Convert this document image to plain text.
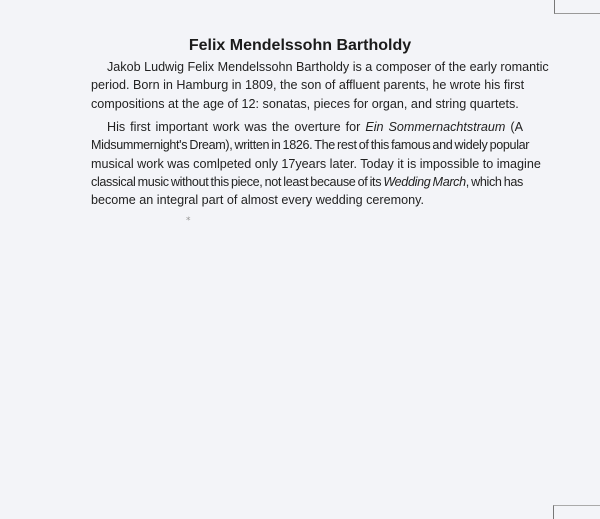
Felix Mendelssohn Bartholdy
Jakob Ludwig Felix Mendelssohn Bartholdy is a composer of the early romantic
period. Born in Hamburg in 1809, the son of affluent parents, he wrote his first
compositions at the age of 12: sonatas, pieces for organ, and string quartets.
His first important work was the overture for Ein Sommernachtstraum (A
Midsummernight's Dream), written in 1826. The rest of this famous and widely popular
musical work was comlpeted only 17years later. Today it is impossible to imagine
classical music without this piece, not least because of its Wedding March, which has
become an integral part of almost every wedding ceremony.
⁎
